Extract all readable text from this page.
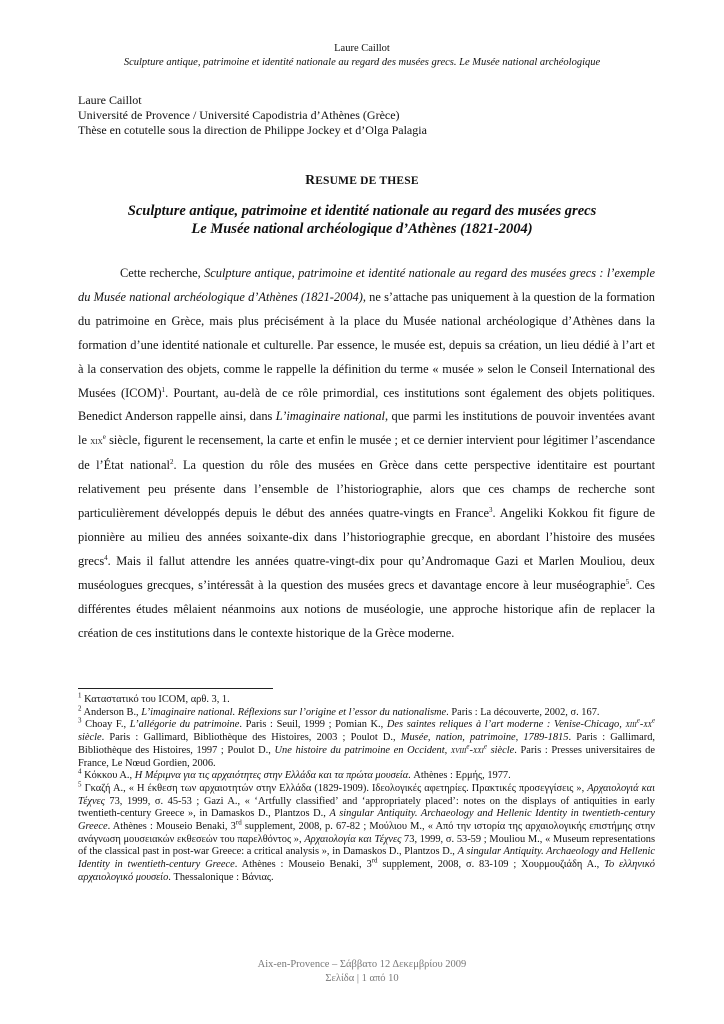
Laure Caillot
Sculpture antique, patrimoine et identité nationale au regard des musées grecs. Le Musée national archéologique
Laure Caillot
Université de Provence / Université Capodistria d’Athènes (Grèce)
Thèse en cotutelle sous la direction de Philippe Jockey et d’Olga Palagia
RESUME DE THESE
Sculpture antique, patrimoine et identité nationale au regard des musées grecs
Le Musée national archéologique d’Athènes (1821-2004)

Cette recherche, Sculpture antique, patrimoine et identité nationale au regard des musées grecs : l’exemple du Musée national archéologique d’Athènes (1821-2004), ne s’attache pas uniquement à la question de la formation du patrimoine en Grèce, mais plus précisément à la place du Musée national archéologique d’Athènes dans la formation d’une identité nationale et culturelle. Par essence, le musée est, depuis sa création, un lieu dédié à l’art et à la conservation des objets, comme le rappelle la définition du terme « musée » selon le Conseil International des Musées (ICOM)$^1$. Pourtant, au-delà de ce rôle primordial, ces institutions sont également des objets politiques. Benedict Anderson rappelle ainsi, dans L’imaginaire national, que parmi les institutions de pouvoir inventées avant le xix$^e$ siècle, figurent le recensement, la carte et enfin le musée ; et ce dernier intervient pour légitimer l’ascendance de l’État national$^2$. La question du rôle des musées en Grèce dans cette perspective identitaire est pourtant relativement peu présente dans l’ensemble de l’historiographie, alors que ces champs de recherche sont particulièrement développés depuis le début des années quatre-vingts en France$^3$. Angeliki Kokkou fit figure de pionnière au milieu des années soixante-dix dans l’historiographie grecque, en abordant l’histoire des musées grecs$^4$. Mais il fallut attendre les années quatre-vingt-dix pour qu’Andromaque Gazi et Marlen Mouliou, deux muséologues grecques, s’intéressât à la question des musées grecs et davantage encore à leur muséographie$^5$. Ces différentes études mêlaient néanmoins aux notions de muséologie, une approche historique afin de replacer la création de ces institutions dans le contexte historique de la Grèce moderne.

$^1$ Καταστατικό του ICOM, αρθ. 3, 1.
$^2$ Anderson B., L’imaginaire national. Réflexions sur l’origine et l’essor du nationalisme. Paris : La découverte, 2002, σ. 167.
$^3$ Choay F., L’allégorie du patrimoine. Paris : Seuil, 1999 ; Pomian K., Des saintes reliques à l’art moderne : Venise-Chicago, $xiii^e-xx^e$ siècle. Paris : Gallimard, Bibliothèque des Histoires, 2003 ; Poulot D., Musée, nation, patrimoine, 1789-1815. Paris : Gallimard, Bibliothèque des Histoires, 1997 ; Poulot D., Une histoire du patrimoine en Occident, xviii$^e$-xxi$^e$ siècle. Paris : Presses universitaires de France, Le Nœud Gordien, 2006.
$^4$ Κόκκου Α., Η Μέριμνα για τις αρχαιότητες στην Ελλάδα και τα πρώτα μουσεία. Athènes : Ερμής, 1977.
$^5$ Γκαζή Α., « Η έκθεση των αρχαιοτητών στην Ελλάδα (1829-1909). Ιδεολογικές αφετηρίες. Πρακτικές προσεγγίσεις », Αρχαιολογιά και Τέχνες 73, 1999, σ. 45-53 ; Gazi A., « ‘Artfully classified’ and ‘appropriately placed’: notes on the displays of antiquities in early twentieth-century Greece », in Damaskos D., Plantzos D., A singular Antiquity. Archaeology and Hellenic Identity in twentieth-century Greece. Athènes : Mouseio Benaki, 3rd supplement, 2008, p. 67-82 ; Μούλιου Μ., « Από την ιστορία της αρχαιολογικής επιστήμης στην ανάγνωση μουσειακών εκθεσεών του παρελθόντος », Αρχαιολογία και Τέχνες 73, 1999, σ. 53-59 ; Mouliou M., « Museum representations of the classical past in post-war Greece: a critical analysis », in Damaskos D., Plantzos D., A singular Antiquity. Archaeology and Hellenic Identity in twentieth-century Greece. Athènes : Mouseio Benaki, 3rd supplement, 2008, σ. 83-109 ; Χουρμουζιάδη Α., Το ελληνικό αρχαιολογικό μουσείο. Thessalonique : Βάνιας.
Aix-en-Provence – Σάββατο 12 Δεκεμβρίου 2009
Σελίδα | 1 από 10
